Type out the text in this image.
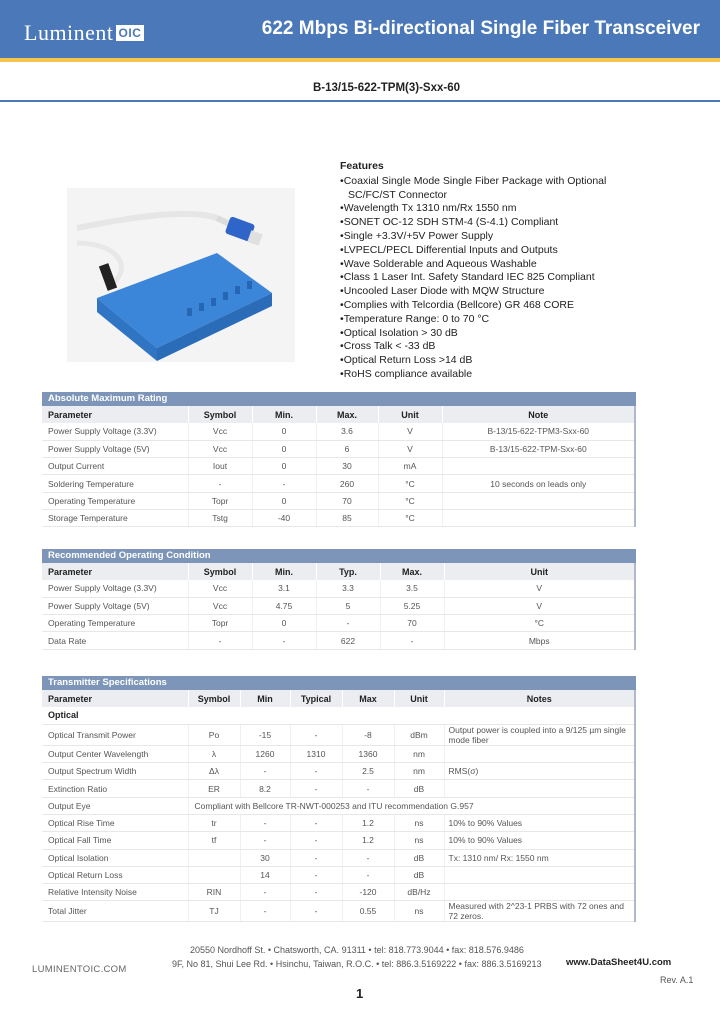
Luminent OIC	622 Mbps Bi-directional Single Fiber Transceiver
B-13/15-622-TPM(3)-Sxx-60
Features
• Coaxial Single Mode Single Fiber Package with Optional SC/FC/ST Connector
• Wavelength Tx 1310 nm/Rx 1550 nm
• SONET OC-12 SDH STM-4 (S-4.1) Compliant
• Single +3.3V/+5V Power Supply
• LVPECL/PECL Differential Inputs and Outputs
• Wave Solderable and Aqueous Washable
• Class 1 Laser Int. Safety Standard IEC 825 Compliant
• Uncooled Laser Diode with MQW Structure
• Complies with Telcordia (Bellcore) GR 468 CORE
• Temperature Range: 0 to 70 °C
• Optical Isolation > 30 dB
• Cross Talk < -33 dB
• Optical Return Loss >14 dB
• RoHS compliance available
Absolute Maximum Rating
Parameter	Symbol	Min.	Max.	Unit	Note
Power Supply Voltage (3.3V)	Vcc	0	3.6	V	B-13/15-622-TPM3-Sxx-60
Power Supply Voltage (5V)	Vcc	0	6	V	B-13/15-622-TPM-Sxx-60
Output Current	Iout	0	30	mA	
Soldering Temperature	-	-	260	°C	10 seconds on leads only
Operating Temperature	Topr	0	70	°C	
Storage Temperature	Tstg	-40	85	°C	
Recommended Operating Condition
Parameter	Symbol	Min.	Typ.	Max.	Unit
Power Supply Voltage (3.3V)	Vcc	3.1	3.3	3.5	V
Power Supply Voltage (5V)	Vcc	4.75	5	5.25	V
Operating Temperature	Topr	0	-	70	°C
Data Rate	-	-	622	-	Mbps
Transmitter Specifications
Parameter	Symbol	Min	Typical	Max	Unit	Notes
Optical						
Optical Transmit Power	Po	-15	-	-8	dBm	Output power is coupled into a 9/125 µm single mode fiber
Output Center Wavelength	λ	1260	1310	1360	nm	
Output Spectrum Width	Δλ	-	-	2.5	nm	RMS(σ)
Extinction Ratio	ER	8.2	-	-	dB	
Output Eye	Compliant with Bellcore TR-NWT-000253 and ITU recommendation G.957					
Optical Rise Time	tr	-	-	1.2	ns	10% to 90% Values
Optical Fall Time	tf	-	-	1.2	ns	10% to 90% Values
Optical Isolation		30	-	-	dB	Tx: 1310 nm/ Rx: 1550 nm
Optical Return Loss		14	-	-	dB	
Relative Intensity Noise	RIN	-	-	-120	dB/Hz	
Total Jitter	TJ	-	-	0.55	ns	Measured with 2^23-1 PRBS with 72 ones and 72 zeros.
20550 Nordhoff St. • Chatsworth, CA. 91311 • tel: 818.773.9044 • fax: 818.576.9486
9F, No 81, Shui Lee Rd. • Hsinchu, Taiwan, R.O.C. • tel: 886.3.5169222 • fax: 886.3.5169213
LUMINENTOIC.COM
www.DataSheet4U.com
Rev. A.1
1
